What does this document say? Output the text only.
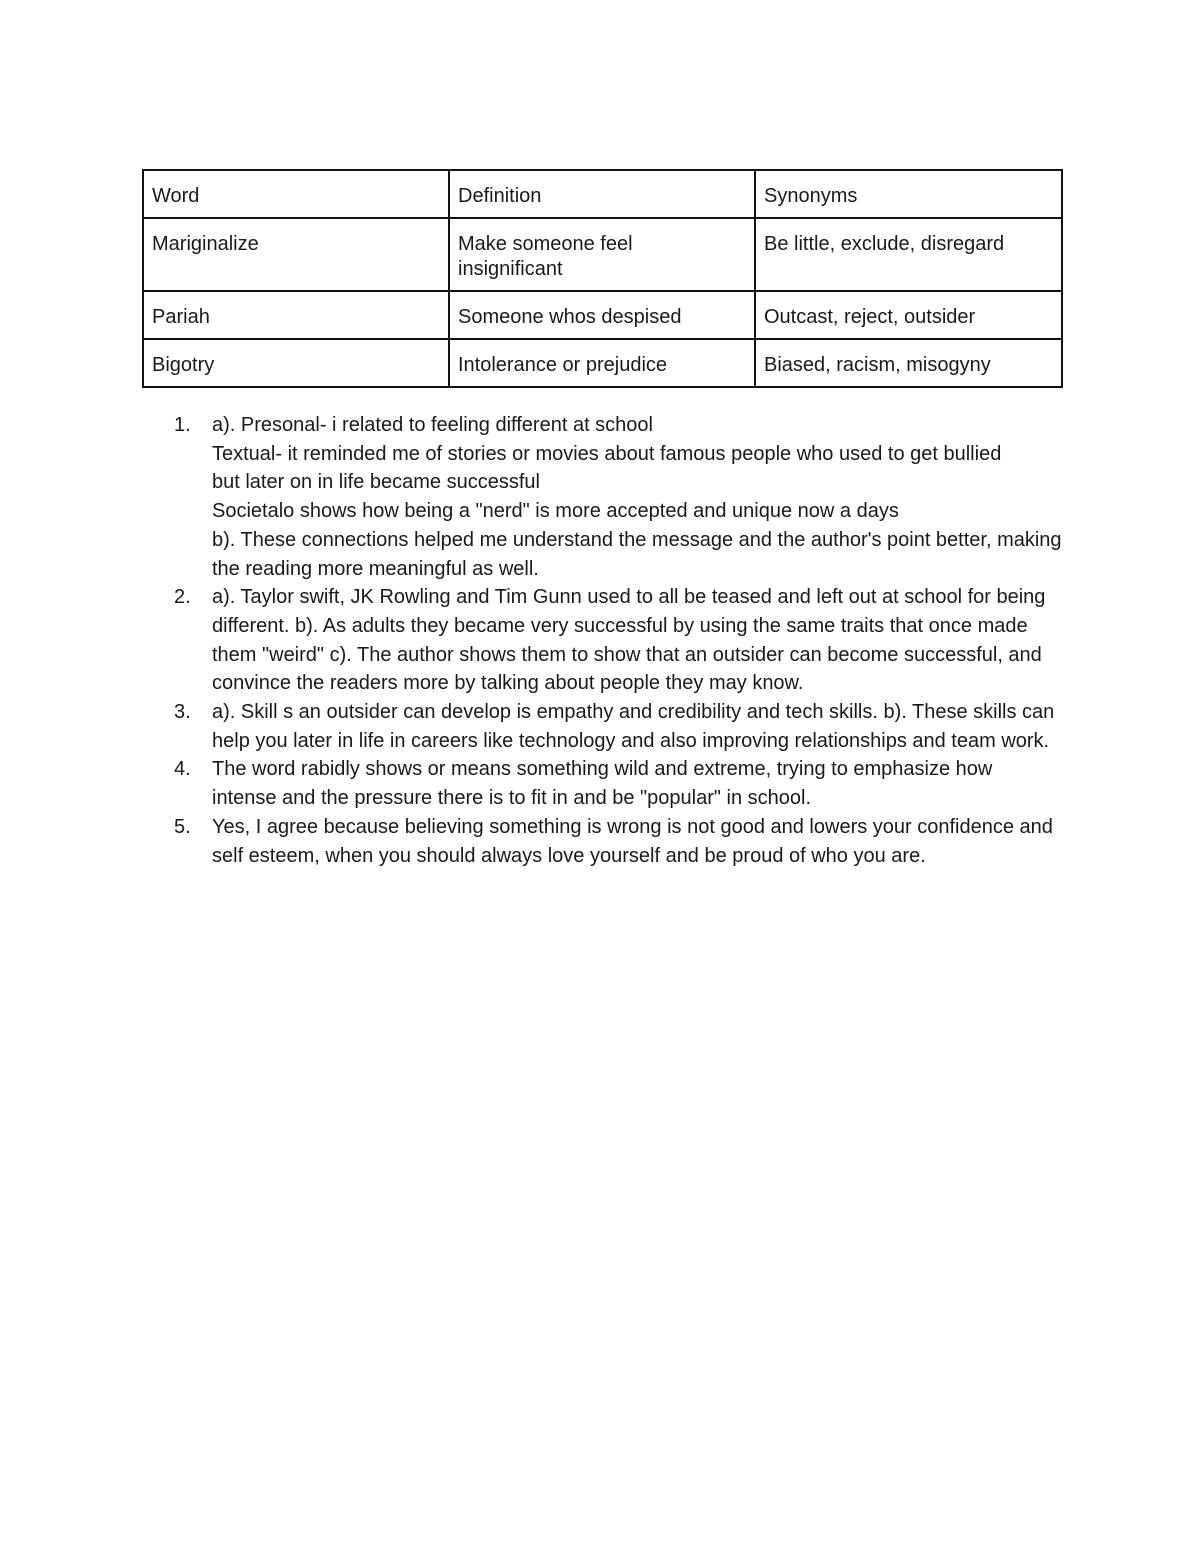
Word	Definition	Synonyms
Mariginalize	Make someone feel insignificant	Be little, exclude, disregard
Pariah	Someone whos despised	Outcast, reject, outsider
Bigotry	Intolerance or prejudice	Biased, racism, misogyny
1. a). Presonal- i related to feeling different at school
Textual- it reminded me of stories or movies about famous people who used to get bullied but later on in life became successful
Societalo shows how being a "nerd" is more accepted and unique now a days
b). These connections helped me understand the message and the author's point better, making the reading more meaningful as well.
2. a). Taylor swift, JK Rowling and Tim Gunn used to all be teased and left out at school for being different. b). As adults they became very successful by using the same traits that once made them "weird" c). The author shows them to show that an outsider can become successful, and convince the readers more by talking about people they may know.
3. a). Skill s an outsider can develop is empathy and credibility and tech skills. b). These skills can help you later in life in careers like technology and also improving relationships and team work.
4. The word rabidly shows or means something wild and extreme, trying to emphasize how intense and the pressure there is to fit in and be "popular" in school.
5. Yes, I agree because believing something is wrong is not good and lowers your confidence and self esteem, when you should always love yourself and be proud of who you are.
